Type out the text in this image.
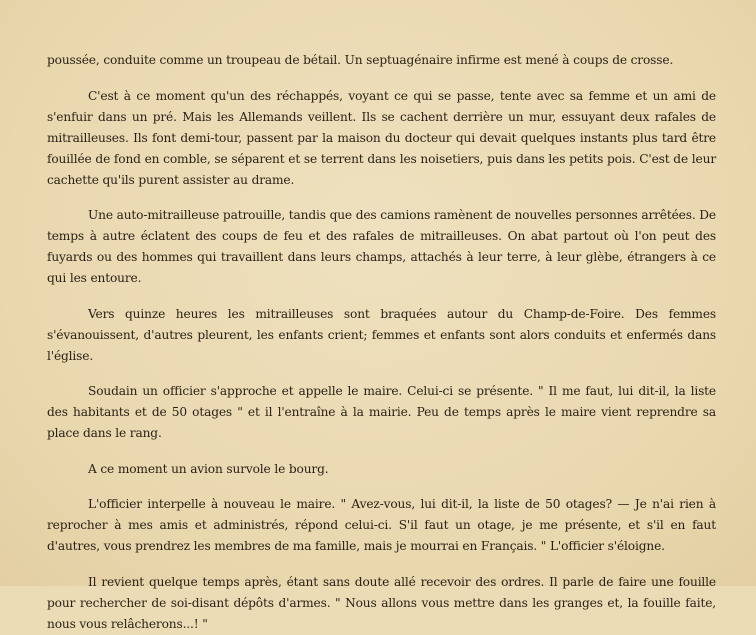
poussée, conduite comme un troupeau de bétail. Un septuagénaire infirme est mené à coups de crosse.

C'est à ce moment qu'un des réchappés, voyant ce qui se passe, tente avec sa femme et un ami de s'enfuir dans un pré. Mais les Allemands veillent. Ils se cachent derrière un mur, essuyant deux rafales de mitrailleuses. Ils font demi-tour, passent par la maison du docteur qui devait quelques instants plus tard être fouillée de fond en comble, se séparent et se terrent dans les noisetiers, puis dans les petits pois. C'est de leur cachette qu'ils purent assister au drame.

Une auto-mitrailleuse patrouille, tandis que des camions ramènent de nouvelles personnes arrêtées. De temps à autre éclatent des coups de feu et des rafales de mitrailleuses. On abat partout où l'on peut des fuyards ou des hommes qui travaillent dans leurs champs, attachés à leur terre, à leur glèbe, étrangers à ce qui les entoure.

Vers quinze heures les mitrailleuses sont braquées autour du Champ-de-Foire. Des femmes s'évanouissent, d'autres pleurent, les enfants crient; femmes et enfants sont alors conduits et enfermés dans l'église.

Soudain un officier s'approche et appelle le maire. Celui-ci se présente. " Il me faut, lui dit-il, la liste des habitants et de 50 otages " et il l'entraîne à la mairie. Peu de temps après le maire vient reprendre sa place dans le rang.

A ce moment un avion survole le bourg.

L'officier interpelle à nouveau le maire. " Avez-vous, lui dit-il, la liste de 50 otages? — Je n'ai rien à reprocher à mes amis et administrés, répond celui-ci. S'il faut un otage, je me présente, et s'il en faut d'autres, vous prendrez les membres de ma famille, mais je mourrai en Français. " L'officier s'éloigne.

Il revient quelque temps après, étant sans doute allé recevoir des ordres. Il parle de faire une fouille pour rechercher de soi-disant dépôts d'armes. " Nous allons vous mettre dans les granges et, la fouille faite, nous vous relâcherons...! "
